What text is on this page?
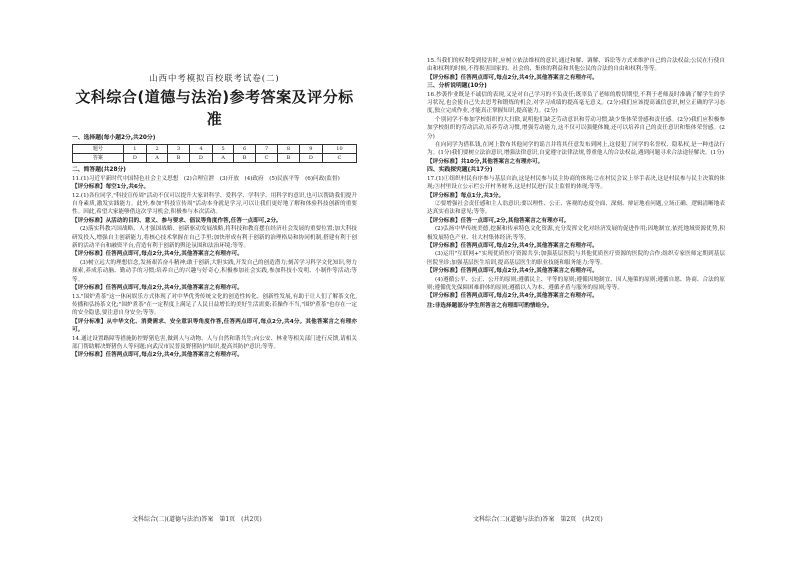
山西中考模拟百校联考试卷(二)
文科综合(道德与法治)参考答案及评分标准
一、选择题(每小题2分,共20分)
题号	1	2	3	4	5	6	7	8	9	10
答案	D	A	B	D	A	B	C	B	D	C
二、简答题(共28分)

11.(1)习近平新时代中国特色社会主义思想　(2)合理宣泄　(3)开放　(4)政府　(5)民族平等　(6)问政(监督)

【评分标准】每空1分,共6分。

12.(1)各位同学,"科技宣传周"活动不仅可以提升大家讲科学、爱科学、学科学、用科学的意识,也可以帮助我们提升自身素质,激发实践能力。此外,参加"科技宣传周"活动本身就是学习,可以让我们更好地了解和体验科技创新的重要性。因此,希望大家能够借这次学习机会,积极参与本次活动。

【评分标准】从活动的目的、意义、参与要求、倡议等角度作答,任答一点即可,2分。

(2)落实科教兴国战略、人才强国战略、创新驱动发展战略,将科技和教育摆在经济社会发展的重要位置;加大科技研发投入,增强自主创新能力,将核心技术掌握在自己手里;加快形成有利于创新的治理格局和协同机制,搭建有利于创新的活动平台和融资平台,营造有利于创新的舆论氛围和法治环境;等等。

【评分标准】任答两点即可,每点2分,共4分,其他答案言之有理亦可。

(3)树立远大的理想信念,发扬艰苦奋斗精神;敢于创新,大胆实践,开发自己的创造潜力;刻苦学习科学文化知识,努力探索,养成乐动脑、勤动手的习惯;培养自己的兴趣与好奇心,积极参加社会实践,参加科技小发明、小制作等活动;等等。

【评分标准】任答两点即可,每点2分,共4分,其他答案言之有理亦可。

13."围炉煮茶"这一休闲娱乐方式体现了对中华优秀传统文化的创造性转化、创新性发展,有助于让人们了解茶文化,传播和弘扬茶文化;"围炉煮茶"在一定程度上满足了人民日益增长的美好生活需要;若操作不当,"围炉煮茶"也存在一定的安全隐患,要注意自身安全;等等。

【评分标准】从中华文化、消费需求、安全意识等角度作答,任答两点即可,每点2分,共4分。其他答案言之有理亦可。

14.通过设置路障等措施防控野猪危害,做到人与动物、人与自然和谐共生;向公安、林业等相关部门进行反馈,请相关部门帮助解决野猪伤人等问题;向武汉市民普及野猪防护知识,提高其防护意识;等等。

【评分标准】任答两点即可,每点2分,共4分,其他答案言之有理亦可。

文科综合(二)(道德与法治)答案　第1页　(共2页)

15.当我们的权利受到侵害时,应树立依法维权的意识,通过和解、调解、诉讼等方式来维护自己的合法权益;公民在行使自由和权利的时候,不得损害国家的、社会的、集体的利益和其他公民的合法的自由和权利;等等。

【评分标准】任答两点即可,每点2分,共4分,其他答案言之有理亦可。

三、分析说明题(10分)

16.抄袭作业既是不诚信的表现,又是对自己学习的不负责任;既辜负了老师的殷切期望,不利于老师及时准确了解学生的学习状况,也会使自己失去思考和锻炼的机会,对学习成绩的提高毫无意义。(2分)我们应该提高诚信意识,树立正确的学习态度,独立完成作业,才能真正掌握知识,提高能力。(2分)

个别同学不参加学校组织的大扫除,说明他们缺乏劳动意识和劳动习惯,缺少集体荣誉感和责任感。(2分)我们应积极参加学校组织的劳动活动,培养劳动习惯,增强劳动能力,这不仅可以强健体魄,还可以培养自己的责任意识和集体荣誉感。(2分)

在向同学为借私钱,在网上散布其他同学的谣言并将其任意发布到网上,这侵犯了同学的名誉权、隐私权,是一种违法行为。(1分)我们要树立法治意识,增强法律意识,自觉遵守法律法规,尊重他人的合法权益,遇到问题寻求合法途径解决。(1分)

【评分标准】共10分,其他答案言之有理亦可。

四、实践探究题(共17分)

17.(1)①组织村民有序参与基层自治,这是村民参与民主协商的体现;②在村民会议上举手表决,这是村民参与民主决策的体现;③村里设立公示栏公开村务财务,这是村民进行民主监督的体现;等等。

【评分标准】每点1分,共3分。

②要增强社会责任感和主人翁意识;要以理性、公正、客观的态度全面、深刻、辩证地看问题,立场正确、逻辑清晰地表达真实看法和意见;等等。

【评分标准】任答一点即可,2分,其他答案言之有理亦可。

(2)弘扬中华传统美德,挖掘和传承特色文化资源,充分发挥文化对经济发展的促进作用;因地制宜,依托地域资源优势,积极发展特色产业、壮大村集体经济;等等。

【评分标准】任答两点即可,每点2分,共4分,其他答案言之有理亦可。

(3)运用"互联网+"实现优质医疗资源共享;加强基层医院与其他优质医疗资源的医院的合作;组织专家医师定期到基层医院坐诊;加强基层医生培训,提高基层医生的职业技能和服务能力;等等。

【评分标准】任答两点即可,每点2分,共4分,其他答案言之有理亦可。

(4)遵循公平、公正、公开的原则;遵循民主、平等的原则;遵循因地制宜、因人施策的原则;遵循自愿、协商、合法的原则;遵循优先保障困难群体的原则;遵循以人为本、遵循矛盾与服务的原则;等等。

【评分标准】任答两点即可,每点2分,共4分,其他答案言之有理亦可。

注:非选择题部分学生所答言之有理即可酌情给分。

文科综合(二)(道德与法治)答案　第2页　(共2页)
